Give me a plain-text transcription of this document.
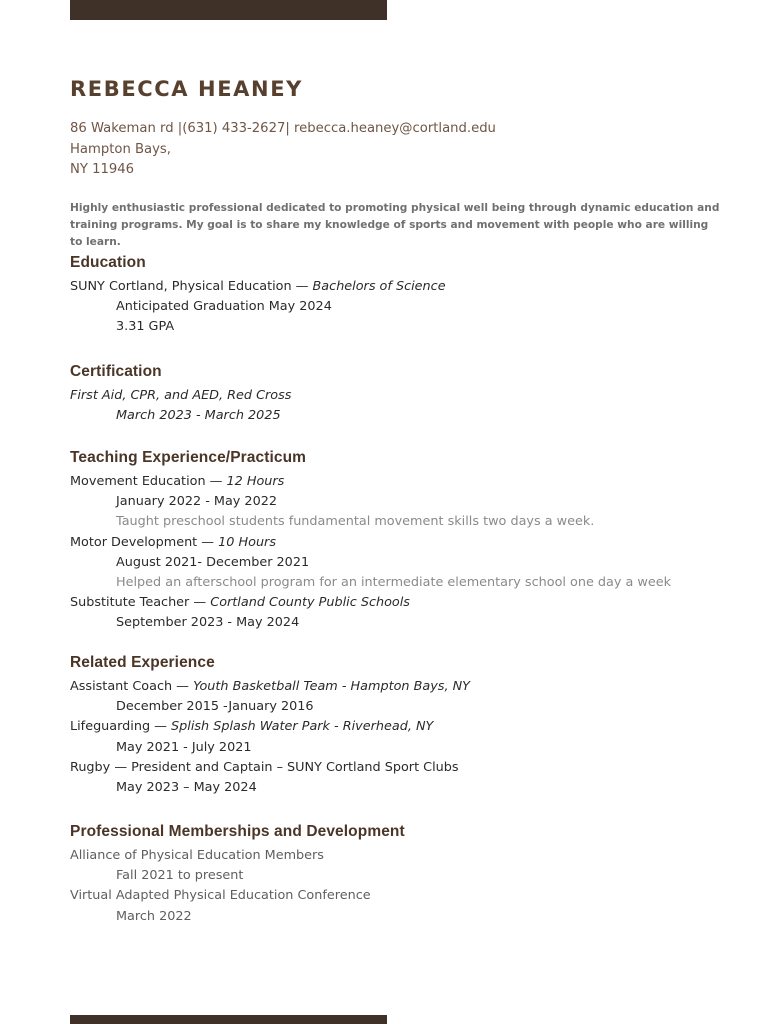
REBECCA HEANEY
86 Wakeman rd |(631) 433-2627| rebecca.heaney@cortland.edu
Hampton Bays,
NY 11946
Highly enthusiastic professional dedicated to promoting physical well being through dynamic education and training programs. My goal is to share my knowledge of sports and movement with people who are willing to learn.
Education
SUNY Cortland, Physical Education — Bachelors of Science
Anticipated Graduation May 2024
3.31 GPA
Certification
First Aid, CPR, and AED, Red Cross
March 2023 - March 2025
Teaching Experience/Practicum
Movement Education — 12 Hours
January 2022 - May 2022
Taught preschool students fundamental movement skills two days a week.
Motor Development — 10 Hours
August 2021- December 2021
Helped an afterschool program for an intermediate elementary school one day a week
Substitute Teacher — Cortland County Public Schools
September 2023 - May 2024
Related Experience
Assistant Coach — Youth Basketball Team - Hampton Bays, NY
December 2015 -January 2016
Lifeguarding — Splish Splash Water Park - Riverhead, NY
May 2021 - July 2021
Rugby — President and Captain – SUNY Cortland Sport Clubs
May 2023 – May 2024
Professional Memberships and Development
Alliance of Physical Education Members
Fall 2021 to present
Virtual Adapted Physical Education Conference
March 2022
